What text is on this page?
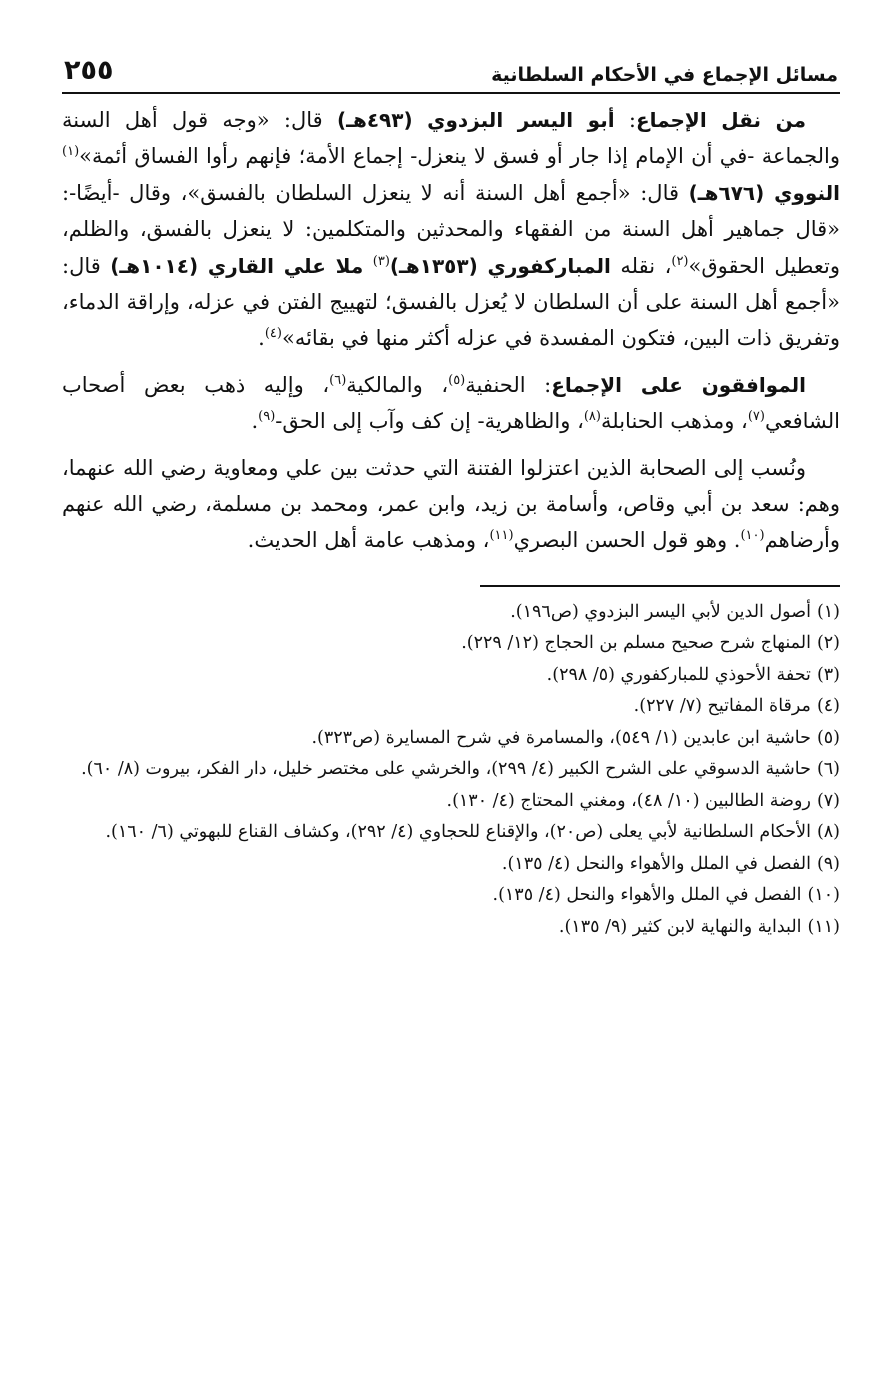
مسائل الإجماع في الأحكام السلطانية
٢٥٥

من نقل الإجماع: أبو اليسر البزدوي (٤٩٣هـ) قال: «وجه قول أهل السنة والجماعة -في أن الإمام إذا جار أو فسق لا ينعزل- إجماع الأمة؛ فإنهم رأوا الفساق أئمة»$^{(١)}$ النووي (٦٧٦هـ) قال: «أجمع أهل السنة أنه لا ينعزل السلطان بالفسق»، وقال -أيضًا-: «قال جماهير أهل السنة من الفقهاء والمحدثين والمتكلمين: لا ينعزل بالفسق، والظلم، وتعطيل الحقوق»$^{(٢)}$، نقله المباركفوري (١٣٥٣هـ)$^{(٣)}$ ملا علي القاري (١٠١٤هـ) قال: «أجمع أهل السنة على أن السلطان لا يُعزل بالفسق؛ لتهييج الفتن في عزله، وإراقة الدماء، وتفريق ذات البين، فتكون المفسدة في عزله أكثر منها في بقائه»$^{(٤)}$.

الموافقون على الإجماع: الحنفية$^{(٥)}$، والمالكية$^{(٦)}$، وإليه ذهب بعض أصحاب الشافعي$^{(٧)}$، ومذهب الحنابلة$^{(٨)}$، والظاهرية- إن كف وآب إلى الحق-$^{(٩)}$.

ونُسب إلى الصحابة الذين اعتزلوا الفتنة التي حدثت بين علي ومعاوية رضي الله عنهما، وهم: سعد بن أبي وقاص، وأسامة بن زيد، وابن عمر، ومحمد بن مسلمة، رضي الله عنهم وأرضاهم$^{(١٠)}$. وهو قول الحسن البصري$^{(١١)}$، ومذهب عامة أهل الحديث.

(١)
أصول الدين لأبي اليسر البزدوي (ص١٩٦).
(٢)
المنهاج شرح صحيح مسلم بن الحجاج (١٢/ ٢٢٩).
(٣)
تحفة الأحوذي للمباركفوري (٥/ ٢٩٨).
(٤)
مرقاة المفاتيح (٧/ ٢٢٧).
(٥)
حاشية ابن عابدين (١/ ٥٤٩)، والمسامرة في شرح المسايرة (ص٣٢٣).
(٦)
حاشية الدسوقي على الشرح الكبير (٤/ ٢٩٩)، والخرشي على مختصر خليل، دار الفكر، بيروت (٨/ ٦٠).
(٧)
روضة الطالبين (١٠/ ٤٨)، ومغني المحتاج (٤/ ١٣٠).
(٨)
الأحكام السلطانية لأبي يعلى (ص٢٠)، والإقناع للحجاوي (٤/ ٢٩٢)، وكشاف القناع للبهوتي (٦/ ١٦٠).
(٩)
الفصل في الملل والأهواء والنحل (٤/ ١٣٥).
(١٠)
الفصل في الملل والأهواء والنحل (٤/ ١٣٥).
(١١)
البداية والنهاية لابن كثير (٩/ ١٣٥).
